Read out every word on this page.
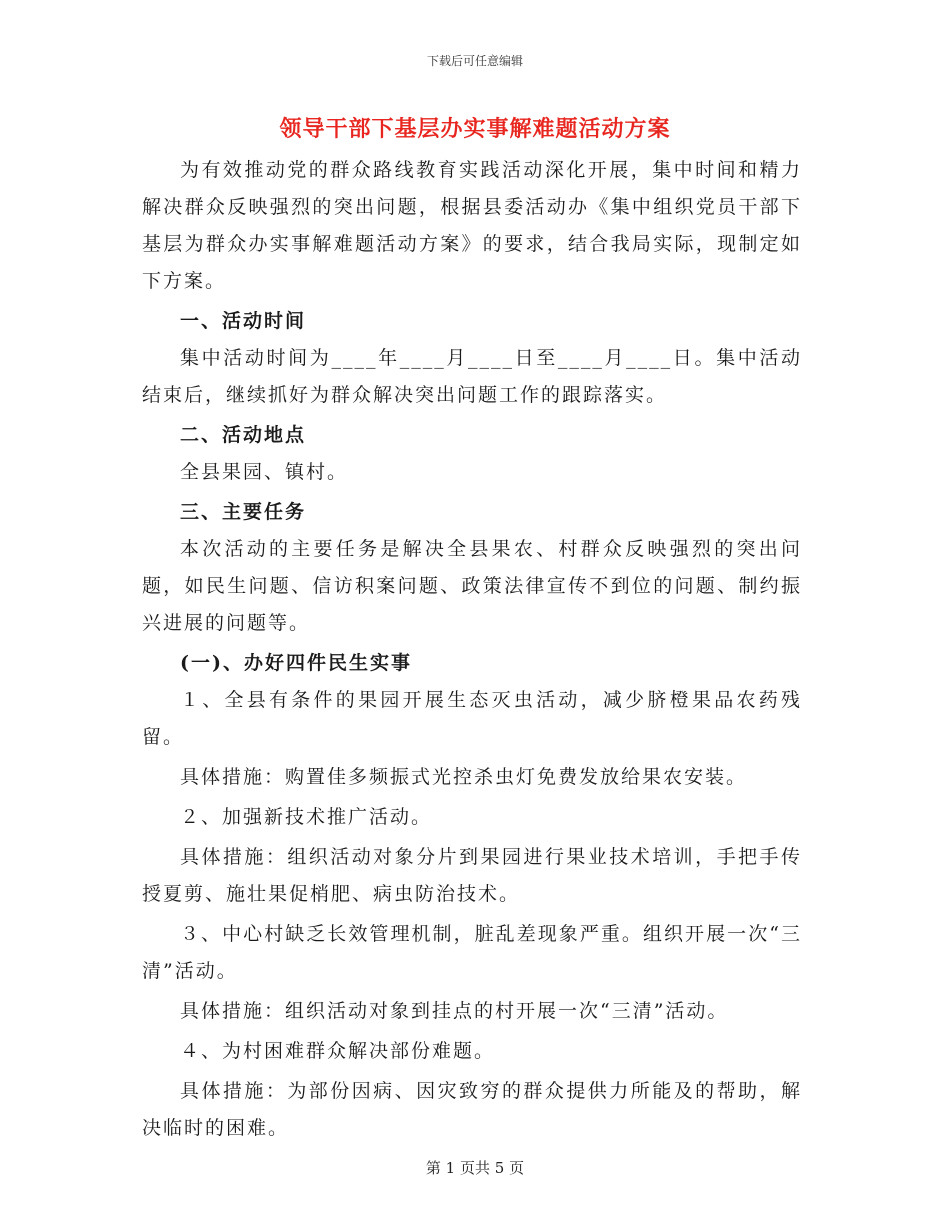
下载后可任意编辑
领导干部下基层办实事解难题活动方案

为有效推动党的群众路线教育实践活动深化开展，集中时间和精力解决群众反映强烈的突出问题，根据县委活动办《集中组织党员干部下基层为群众办实事解难题活动方案》的要求，结合我局实际，现制定如下方案。

一、活动时间

集中活动时间为____年____月____日至____月____日。集中活动结束后，继续抓好为群众解决突出问题工作的跟踪落实。

二、活动地点

全县果园、镇村。

三、主要任务

本次活动的主要任务是解决全县果农、村群众反映强烈的突出问题，如民生问题、信访积案问题、政策法律宣传不到位的问题、制约振兴进展的问题等。

(一)、办好四件民生实事

１、全县有条件的果园开展生态灭虫活动，减少脐橙果品农药残留。

具体措施：购置佳多频振式光控杀虫灯免费发放给果农安装。

２、加强新技术推广活动。

具体措施：组织活动对象分片到果园进行果业技术培训，手把手传授夏剪、施壮果促梢肥、病虫防治技术。

３、中心村缺乏长效管理机制，脏乱差现象严重。组织开展一次“三清”活动。

具体措施：组织活动对象到挂点的村开展一次“三清”活动。

４、为村困难群众解决部份难题。

具体措施：为部份因病、因灾致穷的群众提供力所能及的帮助，解决临时的困难。

第 1 页共 5 页
